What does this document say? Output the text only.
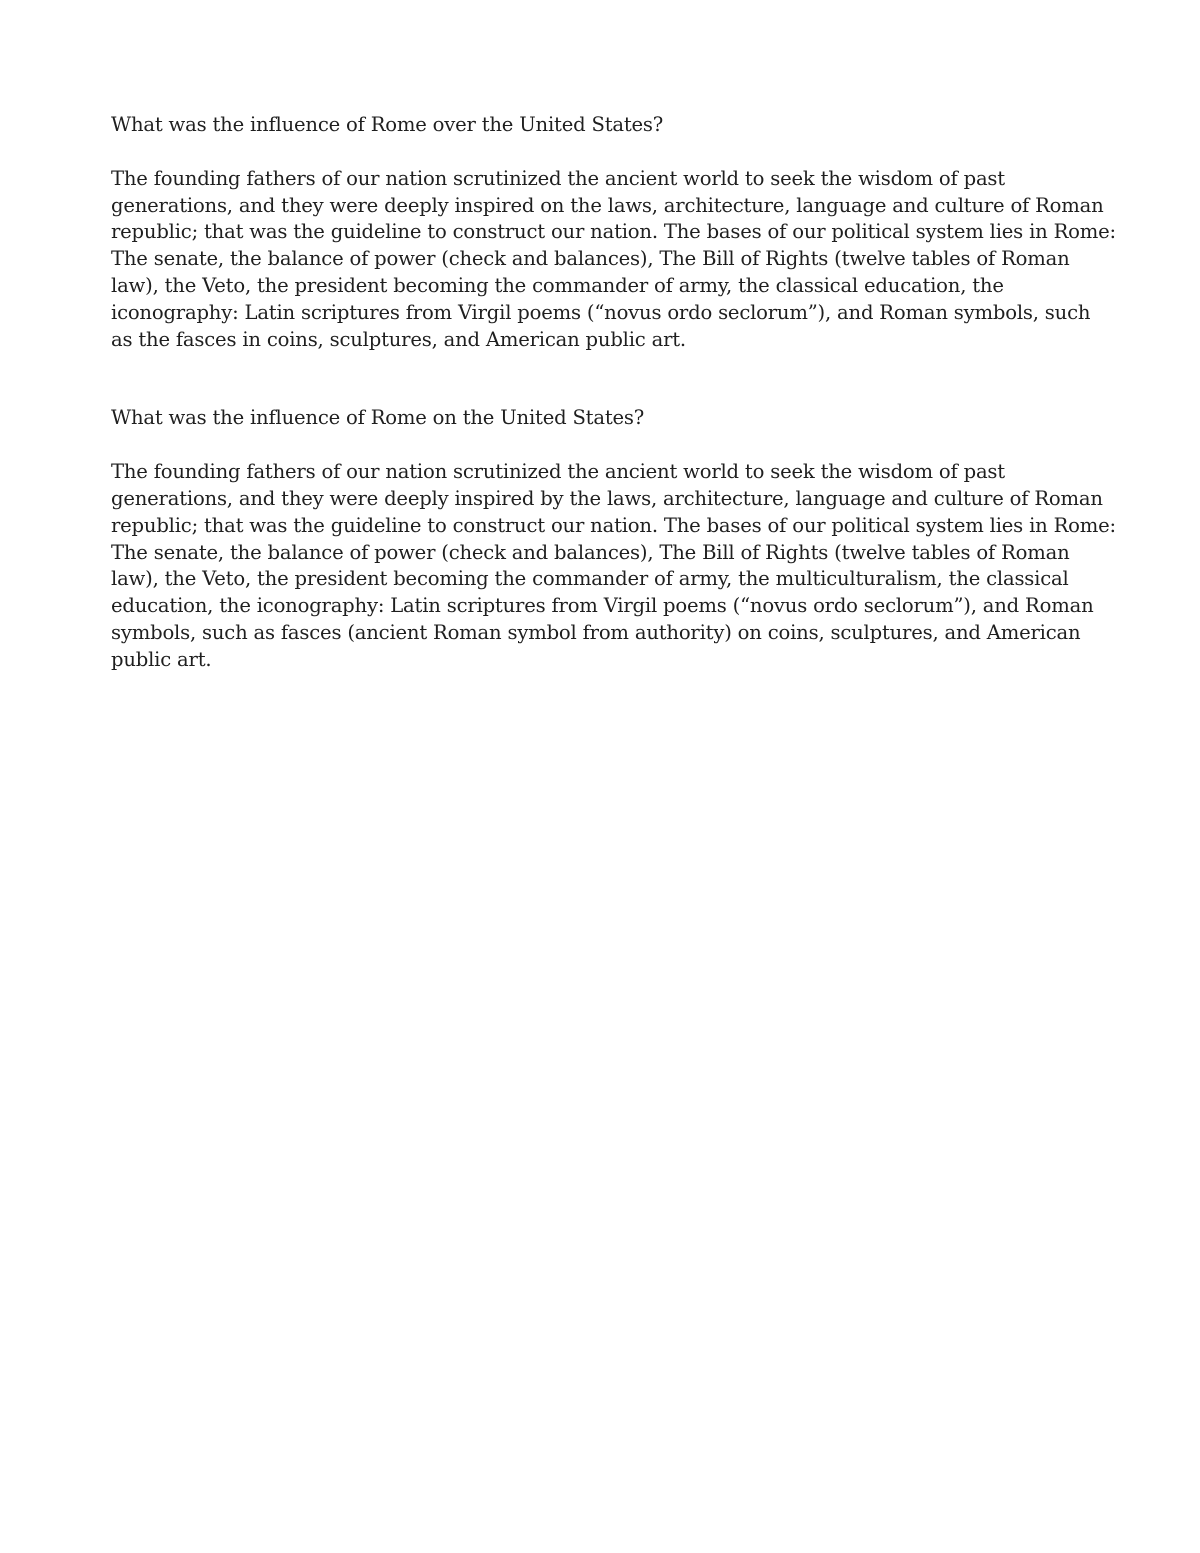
What was the influence of Rome over the United States?

The founding fathers of our nation scrutinized the ancient world to seek the wisdom of past
generations, and they were deeply inspired on the laws, architecture, language and culture of Roman
republic; that was the guideline to construct our nation. The bases of our political system lies in Rome:
The senate, the balance of power (check and balances), The Bill of Rights (twelve tables of Roman
law), the Veto, the president becoming the commander of army, the classical education, the
iconography: Latin scriptures from Virgil poems (“novus ordo seclorum”), and Roman symbols, such
as the fasces in coins, sculptures, and American public art.

What was the influence of Rome on the United States?

The founding fathers of our nation scrutinized the ancient world to seek the wisdom of past
generations, and they were deeply inspired by the laws, architecture, language and culture of Roman
republic; that was the guideline to construct our nation. The bases of our political system lies in Rome:
The senate, the balance of power (check and balances), The Bill of Rights (twelve tables of Roman
law), the Veto, the president becoming the commander of army, the multiculturalism, the classical
education, the iconography: Latin scriptures from Virgil poems (“novus ordo seclorum”), and Roman
symbols, such as fasces (ancient Roman symbol from authority) on coins, sculptures, and American
public art.
